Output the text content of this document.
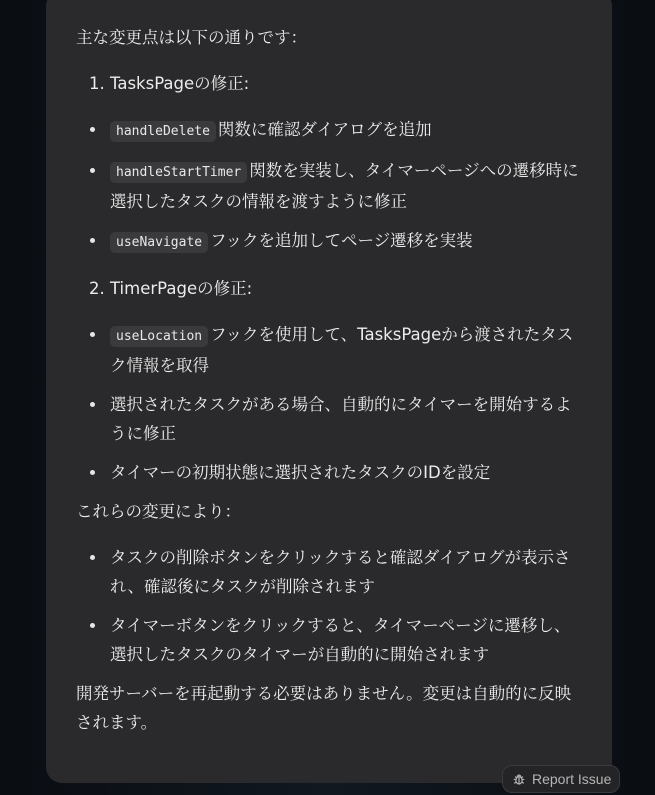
主な変更点は以下の通りです：

1. TasksPageの修正:

handleDelete 関数に確認ダイアログを追加
handleStartTimer 関数を実装し、タイマーページへの遷移時に選択したタスクの情報を渡すように修正
useNavigate フックを追加してページ遷移を実装

2. TimerPageの修正:

useLocation フックを使用して、TasksPageから渡されたタスク情報を取得
選択されたタスクがある場合、自動的にタイマーを開始するように修正
タイマーの初期状態に選択されたタスクのIDを設定

これらの変更により：

タスクの削除ボタンをクリックすると確認ダイアログが表示され、確認後にタスクが削除されます
タイマーボタンをクリックすると、タイマーページに遷移し、選択したタスクのタイマーが自動的に開始されます

開発サーバーを再起動する必要はありません。変更は自動的に反映されます。

Report Issue
